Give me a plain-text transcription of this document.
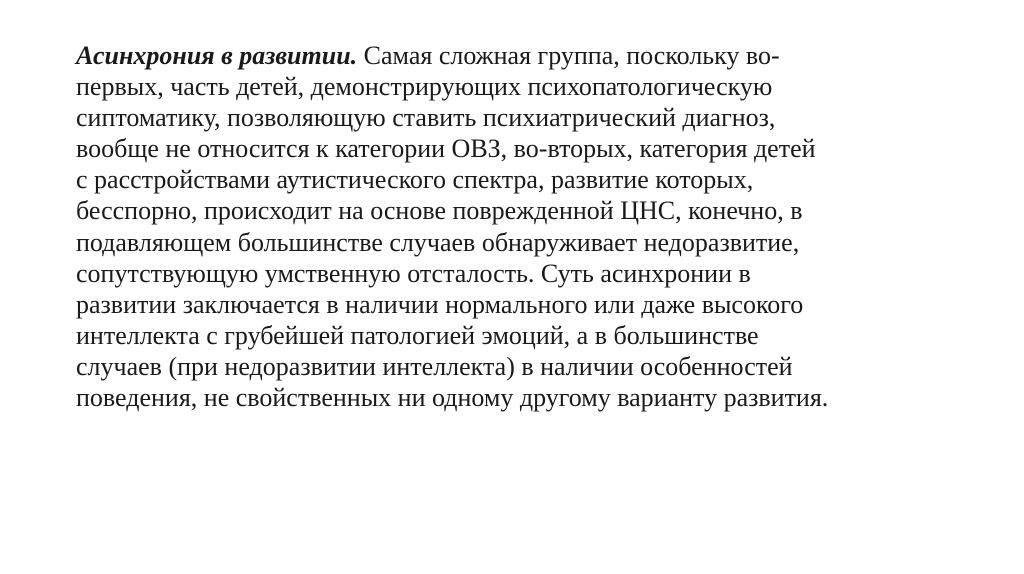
Асинхрония в развитии. Самая сложная группа, поскольку во-
первых, часть детей, демонстрирующих психопатологическую
сиптоматику, позволяющую ставить психиатрический диагноз,
вообще не относится к категории ОВЗ, во-вторых, категория детей
с расстройствами аутистического спектра, развитие которых,
бесспорно, происходит на основе поврежденной ЦНС, конечно, в
подавляющем большинстве случаев обнаруживает недоразвитие,
сопутствующую умственную отсталость. Суть асинхронии в
развитии заключается в наличии нормального или даже высокого
интеллекта с грубейшей патологией эмоций, а в большинстве
случаев (при недоразвитии интеллекта) в наличии особенностей
поведения, не свойственных ни одному другому варианту развития.
